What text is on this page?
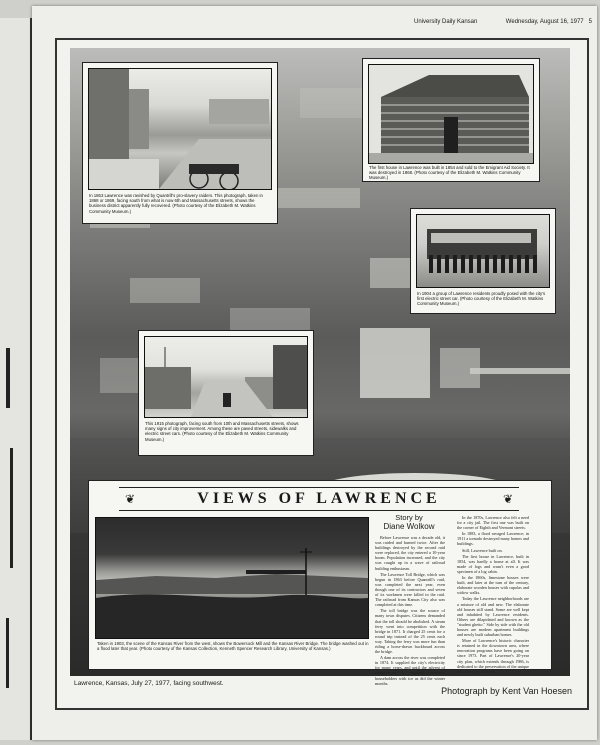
University Daily Kansan	Wednesday, August 16, 1977 5
In 1863 Lawrence was ravished by Quantrill's pro-slavery raiders. This photograph, taken in 1868 or 1869, facing south from what is now 6th and Massachusetts streets, shows the business district apparently fully recovered. (Photo courtesy of the Elizabeth M. Watkins Community Museum.)
The first house in Lawrence was built in 1854 and sold to the Emigrant Aid Society. It was destroyed in 1868. (Photo courtesy of the Elizabeth M. Watkins Community Museum.)
In 1904 a group of Lawrence residents proudly posed with the city's first electric street car. (Photo courtesy of the Elizabeth M. Watkins Community Museum.)
This 1915 photograph, facing south from 10th and Massachusetts streets, shows many signs of city improvement. Among these are paved streets, sidewalks and electric street cars. (Photo courtesy of the Elizabeth M. Watkins Community Museum.)
❦	VIEWS OF LAWRENCE	❦
Taken in 1903, the scene of the Kansas River from the west, shows the Bowersock Mill and the Kansas River Bridge. The bridge washed out in a flood later that year. (Photo courtesy of the Kansas Collection, Kenneth Spencer Research Library, University of Kansas.)
Story by
Diane Wolkow

Before Lawrence was a decade old, it was raided and burned twice. After the buildings destroyed by the second raid were replaced, the city entered a 10-year boom. Population increased, and the city was caught up in a wave of railroad building enthusiasm.

The Lawrence Toll Bridge, which was begun in 1863 before Quantrill's raid, was completed the next year, even though one of its contractors and seven of its workmen were killed in the raid. The railroad from Kansas City also was completed at this time.

The toll bridge was the source of many town disputes. Citizens demanded that the toll should be abolished. A steam ferry went into competition with the bridge in 1871. It charged 25 cents for a round trip instead of the 25 cents each way. Taking the ferry was more fun than riding a horse-drawn buckboard across the bridge.

A dam across the river was completed in 1874. It supplied the city's electricity for many years, and until the advent of refrigeration, it supplied Lawrence householders with ice as did the winter months.

In the 1870s, Lawrence also felt a need for a city jail. The first one was built on the corner of Eighth and Vermont streets.

In 1883, a flood ravaged Lawrence; in 1911 a tornado destroyed many homes and buildings.

Still, Lawrence built on.

The first house in Lawrence, built in 1854, was hardly a house at all. It was made of logs and wasn't even a good specimen of a log cabin.

In the 1860s, limestone houses were built, and later at the turn of the century, elaborate wooden houses with cupolas and widow walks.

Today the Lawrence neighborhoods are a mixture of old and new. The elaborate old houses still stand. Some are well kept and inhabited by Lawrence residents. Others are dilapidated and known as the "student ghetto." Side by side with the old houses are modern apartment buildings and newly built suburban homes.

More of Lawrence's historic character is retained in the downtown area, where renovation programs have been going on since 1973. Part of Lawrence's 20-year city plan, which extends through 1986, is dedicated to the preservation of the unique character of Lawrence.

Lawrence, Kansas, July 27, 1977, facing southwest.
Photograph by Kent Van Hoesen
